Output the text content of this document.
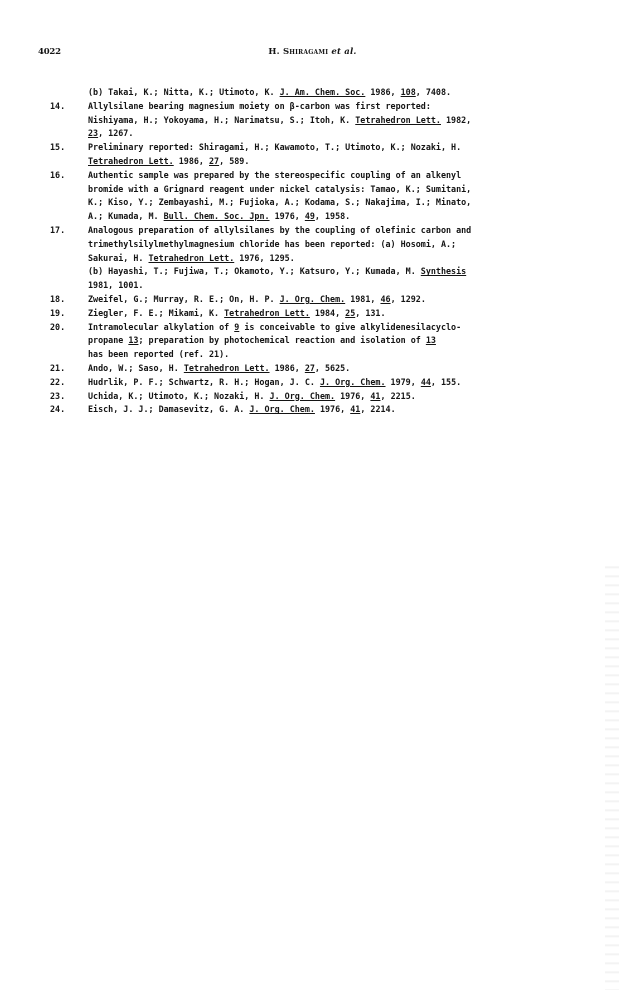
4022	H. Shiragami et al.
(b) Takai, K.; Nitta, K.; Utimoto, K. J. Am. Chem. Soc. 1986, 108, 7408.
14.	Allylsilane bearing magnesium moiety on β-carbon was first reported:
Nishiyama, H.; Yokoyama, H.; Narimatsu, S.; Itoh, K. Tetrahedron Lett. 1982,
23, 1267.
15.	Preliminary reported: Shiragami, H.; Kawamoto, T.; Utimoto, K.; Nozaki, H.
Tetrahedron Lett. 1986, 27, 589.
16.	Authentic sample was prepared by the stereospecific coupling of an alkenyl
bromide with a Grignard reagent under nickel catalysis: Tamao, K.; Sumitani,
K.; Kiso, Y.; Zembayashi, M.; Fujioka, A.; Kodama, S.; Nakajima, I.; Minato,
A.; Kumada, M. Bull. Chem. Soc. Jpn. 1976, 49, 1958.
17.	Analogous preparation of allylsilanes by the coupling of olefinic carbon and
trimethylsilylmethylmagnesium chloride has been reported: (a) Hosomi, A.;
Sakurai, H. Tetrahedron Lett. 1976, 1295.
(b) Hayashi, T.; Fujiwa, T.; Okamoto, Y.; Katsuro, Y.; Kumada, M. Synthesis
1981, 1001.
18.	Zweifel, G.; Murray, R. E.; On, H. P. J. Org. Chem. 1981, 46, 1292.
19.	Ziegler, F. E.; Mikami, K. Tetrahedron Lett. 1984, 25, 131.
20.	Intramolecular alkylation of 9 is conceivable to give alkylidenesilacyclo-
propane 13; preparation by photochemical reaction and isolation of 13
has been reported (ref. 21).
21.	Ando, W.; Saso, H. Tetrahedron Lett. 1986, 27, 5625.
22.	Hudrlik, P. F.; Schwartz, R. H.; Hogan, J. C. J. Org. Chem. 1979, 44, 155.
23.	Uchida, K.; Utimoto, K.; Nozaki, H. J. Org. Chem. 1976, 41, 2215.
24.	Eisch, J. J.; Damasevitz, G. A. J. Org. Chem. 1976, 41, 2214.
